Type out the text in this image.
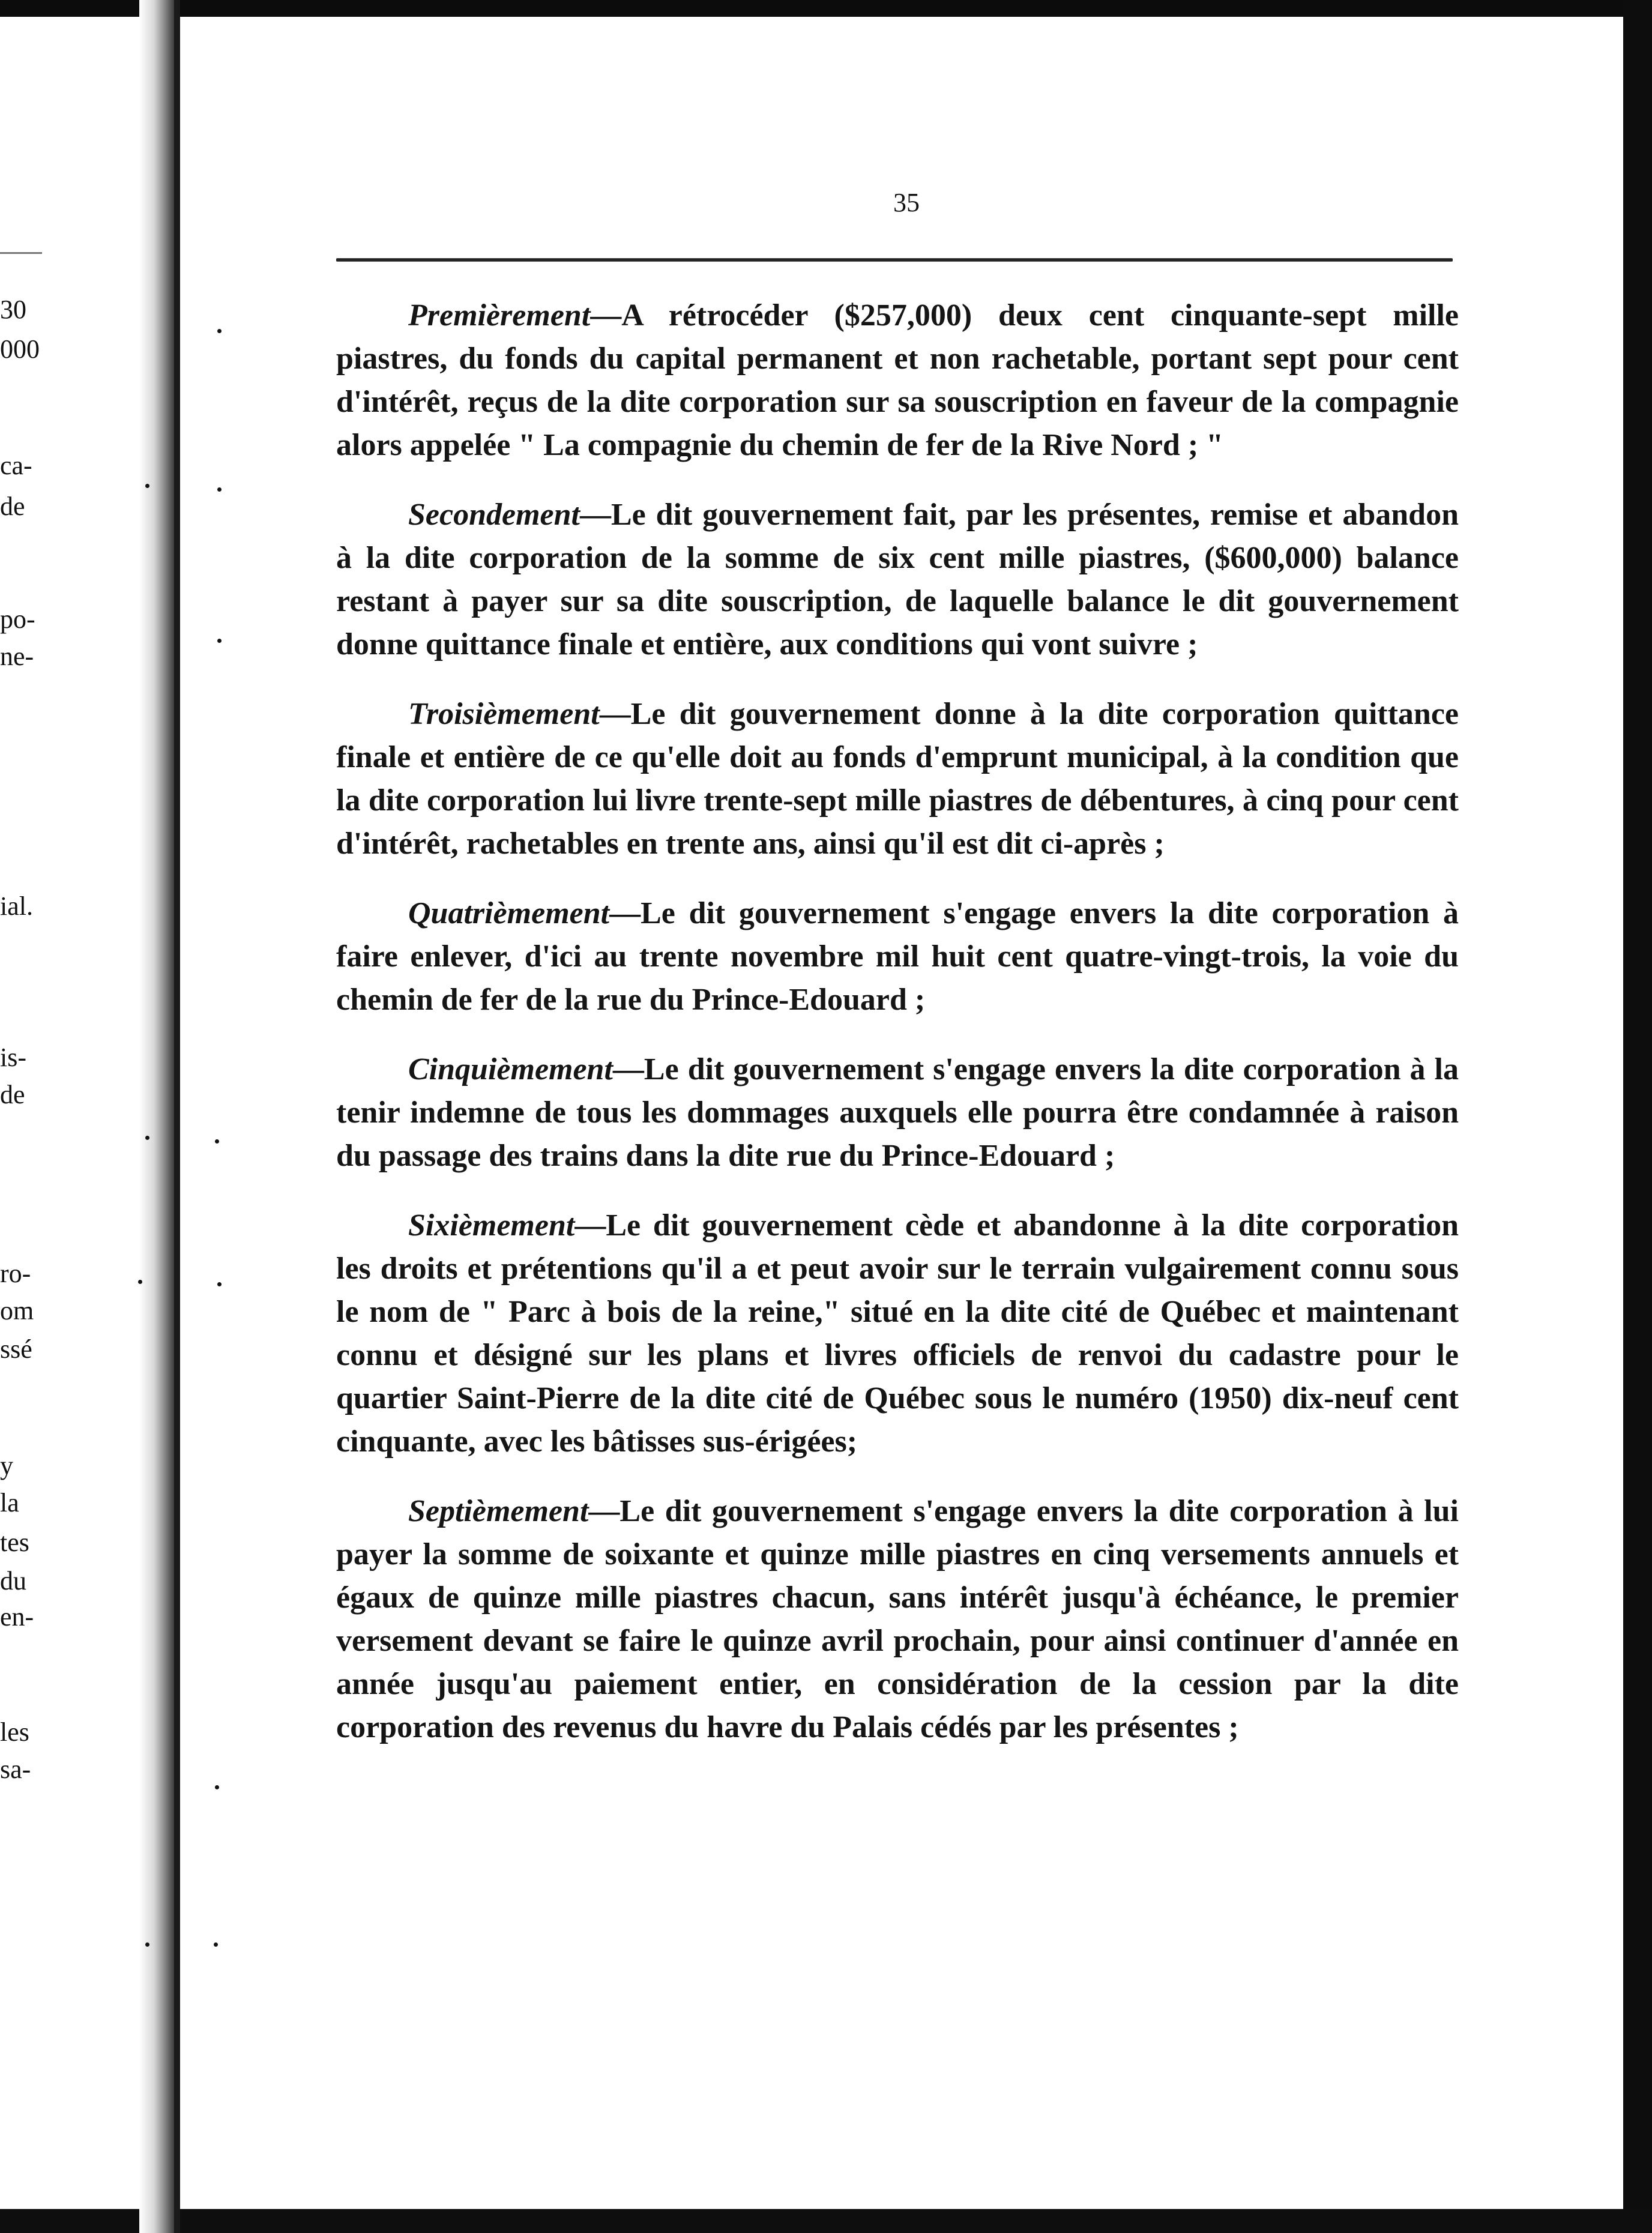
30
000
ca-
de
po-
ne-
ial.
is-
de
ro-
om
ssé
y
la
tes
du
en-
les
sa-
35

Premièrement—A rétrocéder ($257,000) deux cent cinquante-sept mille piastres, du fonds du capital permanent et non rachetable, portant sept pour cent d'intérêt, reçus de la dite corporation sur sa souscription en faveur de la compagnie alors appelée " La compagnie du chemin de fer de la Rive Nord ; "

Secondement—Le dit gouvernement fait, par les présentes, remise et abandon à la dite corporation de la somme de six cent mille piastres, ($600,000) balance restant à payer sur sa dite souscription, de laquelle balance le dit gouvernement donne quittance finale et entière, aux conditions qui vont suivre ;

Troisièmement—Le dit gouvernement donne à la dite corporation quittance finale et entière de ce qu'elle doit au fonds d'emprunt municipal, à la condition que la dite corporation lui livre trente-sept mille piastres de débentures, à cinq pour cent d'intérêt, rachetables en trente ans, ainsi qu'il est dit ci-après ;

Quatrièmement—Le dit gouvernement s'engage envers la dite corporation à faire enlever, d'ici au trente novembre mil huit cent quatre-vingt-trois, la voie du chemin de fer de la rue du Prince-Edouard ;

Cinquièmement—Le dit gouvernement s'engage envers la dite corporation à la tenir indemne de tous les dommages auxquels elle pourra être condamnée à raison du passage des trains dans la dite rue du Prince-Edouard ;

Sixièmement—Le dit gouvernement cède et abandonne à la dite corporation les droits et prétentions qu'il a et peut avoir sur le terrain vulgairement connu sous le nom de " Parc à bois de la reine," situé en la dite cité de Québec et maintenant connu et désigné sur les plans et livres officiels de renvoi du cadastre pour le quartier Saint-Pierre de la dite cité de Québec sous le numéro (1950) dix-neuf cent cinquante, avec les bâtisses sus-érigées;

Septièmement—Le dit gouvernement s'engage envers la dite corporation à lui payer la somme de soixante et quinze mille piastres en cinq versements annuels et égaux de quinze mille piastres chacun, sans intérêt jusqu'à échéance, le premier versement devant se faire le quinze avril prochain, pour ainsi continuer d'année en année jusqu'au paiement entier, en considération de la cession par la dite corporation des revenus du havre du Palais cédés par les présentes ;
